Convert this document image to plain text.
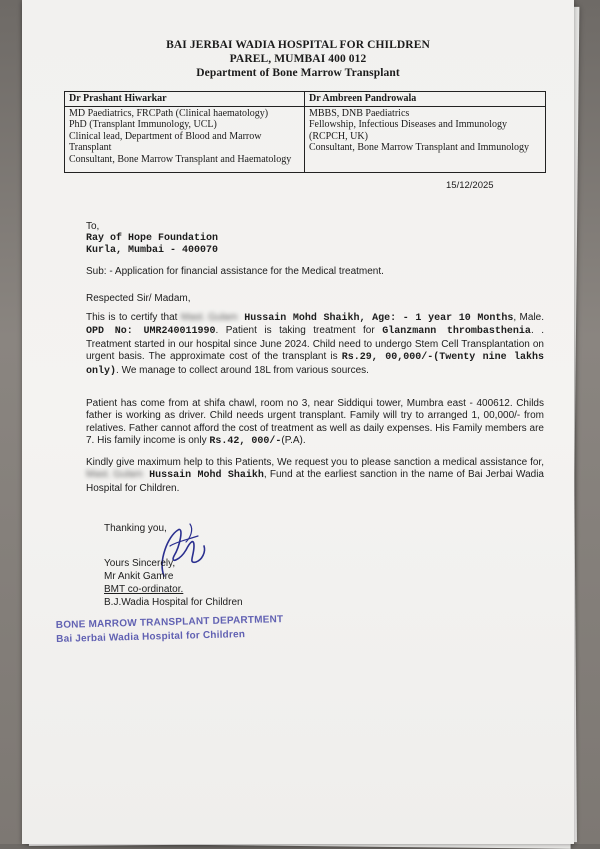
BAI JERBAI WADIA HOSPITAL FOR CHILDREN
PAREL, MUMBAI 400 012
Department of Bone Marrow Transplant
Dr Prashant Hiwarkar
MD Paediatrics, FRCPath (Clinical haematology)
PhD (Transplant Immunology, UCL)
Clinical lead, Department of Blood and Marrow Transplant
Consultant, Bone Marrow Transplant and Haematology
Dr Ambreen Pandrowala
MBBS, DNB Paediatrics
Fellowship, Infectious Diseases and Immunology (RCPCH, UK)
Consultant, Bone Marrow Transplant and Immunology
15/12/2025
To,
Ray of Hope Foundation
Kurla, Mumbai - 400070
Sub: - Application for financial assistance for the Medical treatment.
Respected Sir/ Madam,
This is to certify that Mast. Gulam Hussain Mohd Shaikh, Age: - 1 year 10 Months, Male. OPD No: UMR240011990. Patient is taking treatment for Glanzmann thrombasthenia. . Treatment started in our hospital since June 2024. Child need to undergo Stem Cell Transplantation on urgent basis. The approximate cost of the transplant is Rs.29, 00,000/-(Twenty nine lakhs only). We manage to collect around 18L from various sources.
Patient has come from at shifa chawl, room no 3, near Siddiqui tower, Mumbra east - 400612. Childs father is working as driver. Child needs urgent transplant. Family will try to arranged 1, 00,000/- from relatives. Father cannot afford the cost of treatment as well as daily expenses. His Family members are 7. His family income is only Rs.42, 000/-(P.A).
Kindly give maximum help to this Patients, We request you to please sanction a medical assistance for, Mast. Gulam Hussain Mohd Shaikh, Fund at the earliest sanction in the name of Bai Jerbai Wadia Hospital for Children.
Thanking you,
Yours Sincerely,
Mr Ankit Gamre
BMT co-ordinator.
B.J.Wadia Hospital for Children
BONE MARROW TRANSPLANT DEPARTMENT
Bai Jerbai Wadia Hospital for Children
